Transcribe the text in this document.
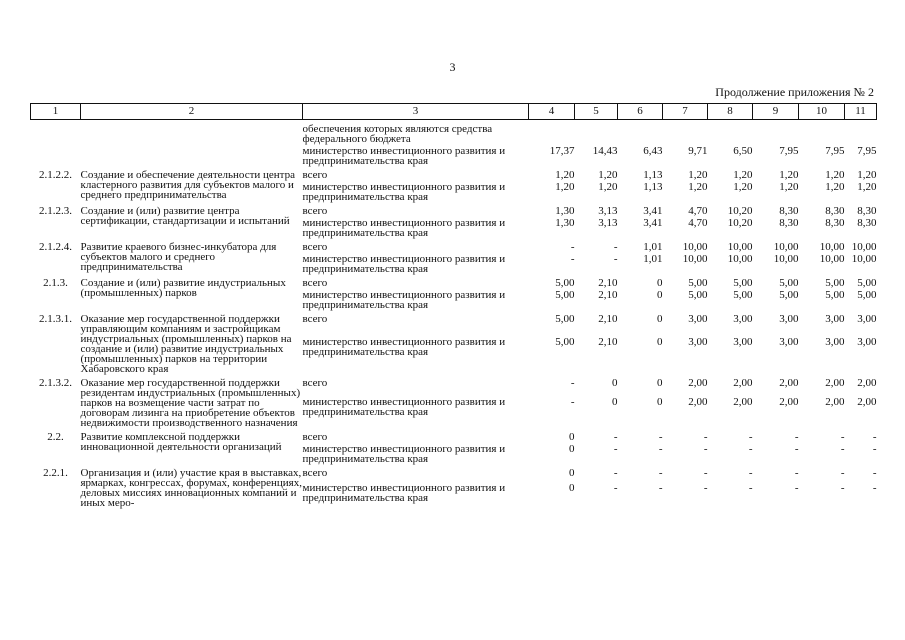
3
Продолжение приложения № 2
1	2	3	4	5	6	7	8	9	10	11
		обеспечения которых являются средства федерального бюджета								
		министерство инвестиционного развития и предпринимательства края	17,37	14,43	6,43	9,71	6,50	7,95	7,95	7,95
2.1.2.2.	Создание и обеспечение деятельности центра кластерного развития для субъектов малого и среднего предпринимательства	всего	1,20	1,20	1,13	1,20	1,20	1,20	1,20	1,20
		министерство инвестиционного развития и предпринимательства края	1,20	1,20	1,13	1,20	1,20	1,20	1,20	1,20
2.1.2.3.	Создание и (или) развитие центра сертификации, стандартизации и испытаний	всего	1,30	3,13	3,41	4,70	10,20	8,30	8,30	8,30
		министерство инвестиционного развития и предпринимательства края	1,30	3,13	3,41	4,70	10,20	8,30	8,30	8,30
2.1.2.4.	Развитие краевого бизнес-инкубатора для субъектов малого и среднего предпринимательства	всего	-	-	1,01	10,00	10,00	10,00	10,00	10,00
		министерство инвестиционного развития и предпринимательства края	-	-	1,01	10,00	10,00	10,00	10,00	10,00
2.1.3.	Создание и (или) развитие индустриальных (промышленных) парков	всего	5,00	2,10	0	5,00	5,00	5,00	5,00	5,00
		министерство инвестиционного развития и предпринимательства края	5,00	2,10	0	5,00	5,00	5,00	5,00	5,00
2.1.3.1.	Оказание мер государственной поддержки управляющим компаниям и застройщикам индустриальных (промышленных) парков на создание и (или) развитие индустриальных (промышленных) парков на территории Хабаровского края	всего	5,00	2,10	0	3,00	3,00	3,00	3,00	3,00
		министерство инвестиционного развития и предпринимательства края	5,00	2,10	0	3,00	3,00	3,00	3,00	3,00
2.1.3.2.	Оказание мер государственной поддержки резидентам индустриальных (промышленных) парков на возмещение части затрат по договорам лизинга на приобретение объектов недвижимости производственного назначения	всего	-	0	0	2,00	2,00	2,00	2,00	2,00
		министерство инвестиционного развития и предпринимательства края	-	0	0	2,00	2,00	2,00	2,00	2,00
2.2.	Развитие комплексной поддержки инновационной деятельности организаций	всего	0	-	-	-	-	-	-	-
		министерство инвестиционного развития и предпринимательства края	0	-	-	-	-	-	-	-
2.2.1.	Организация и (или) участие края в выставках, ярмарках, конгрессах, форумах, конференциях, деловых миссиях инновационных компаний и иных меро-	всего	0	-	-	-	-	-	-	-
		министерство инвестиционного развития и предпринимательства края	0	-	-	-	-	-	-	-
